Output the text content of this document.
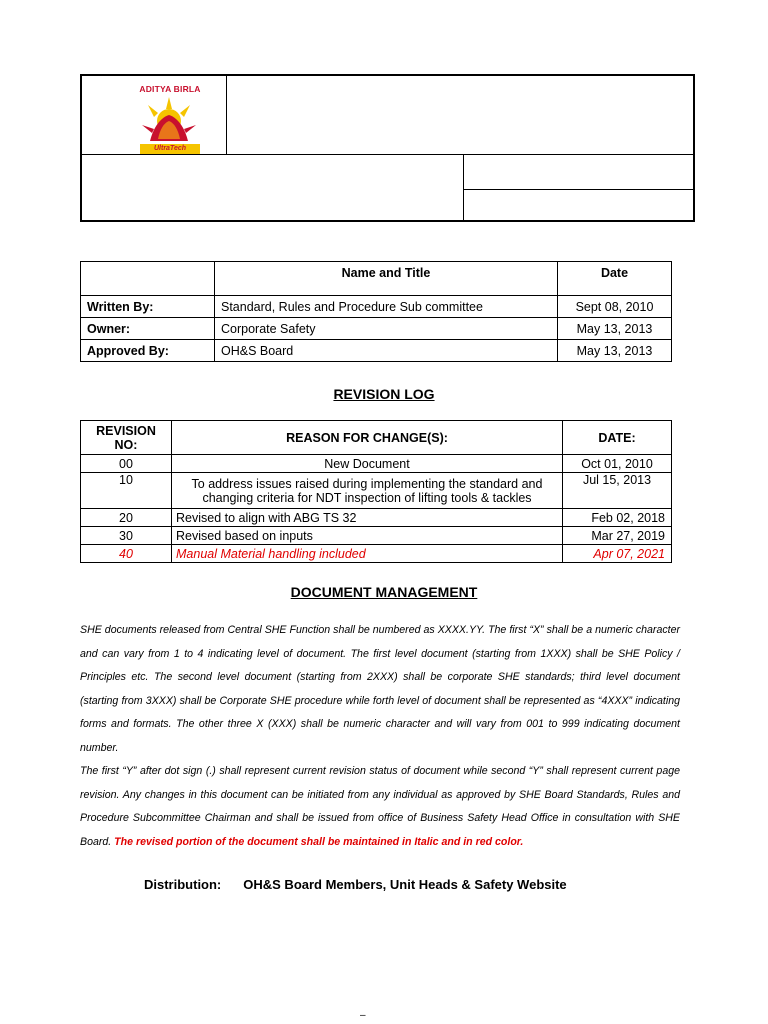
ADITYA BIRLA
UltraTech
	Name and Title	Date
Written By:	Standard, Rules and Procedure Sub committee	Sept 08, 2010
Owner:	Corporate Safety	May 13, 2013
Approved By:	OH&S Board	May 13, 2013
REVISION LOG
REVISION NO:	REASON FOR CHANGE(S):	DATE:
00	New Document	Oct 01, 2010
10	To address issues raised during implementing the standard and changing criteria for NDT inspection of lifting tools & tackles	Jul 15, 2013
20	Revised to align with ABG TS 32	Feb 02, 2018
30	Revised based on inputs	Mar 27, 2019
40	Manual Material handling included	Apr 07, 2021
DOCUMENT MANAGEMENT
SHE documents released from Central SHE Function shall be numbered as XXXX.YY. The first “X” shall be a numeric character and can vary from 1 to 4 indicating level of document. The first level document (starting from 1XXX) shall be SHE Policy / Principles etc. The second level document (starting from 2XXX) shall be corporate SHE standards; third level document (starting from 3XXX) shall be Corporate SHE procedure while forth level of document shall be represented as “4XXX” indicating forms and formats. The other three X (XXX) shall be numeric character and will vary from 001 to 999 indicating document number.
The first “Y” after dot sign (.) shall represent current revision status of document while second “Y” shall represent current page revision. Any changes in this document can be initiated from any individual as approved by SHE Board Standards, Rules and Procedure Subcommittee Chairman and shall be issued from office of Business Safety Head Office in consultation with SHE Board. The revised portion of the document shall be maintained in Italic and in red color.
Distribution: OH&S Board Members, Unit Heads & Safety Website
–
